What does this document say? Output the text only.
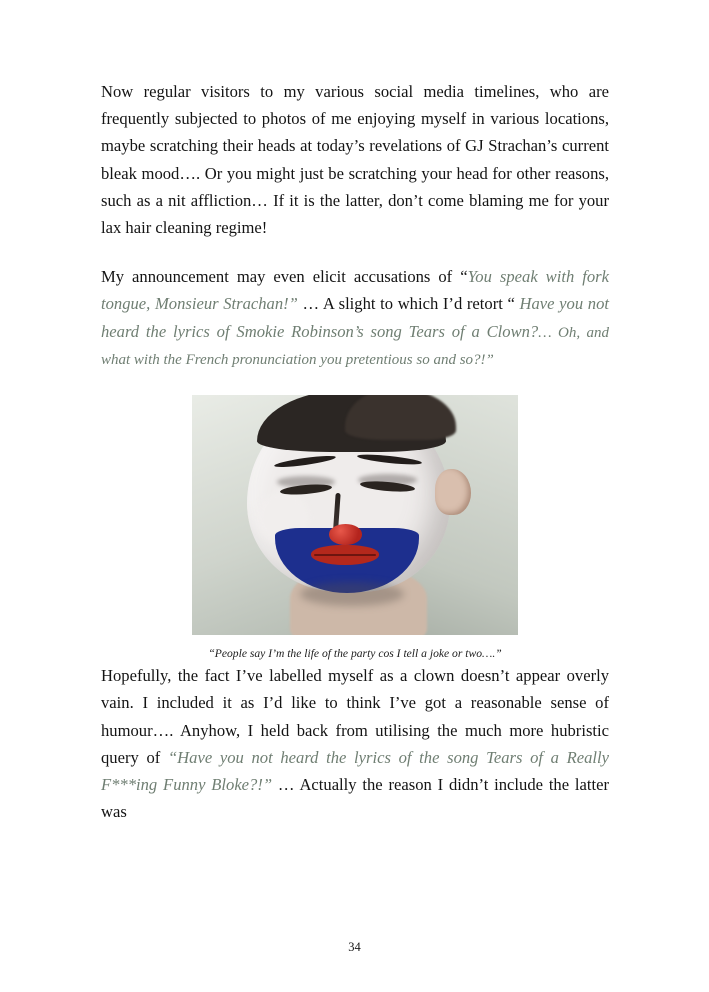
Now regular visitors to my various social media timelines, who are frequently subjected to photos of me enjoying myself in various locations, maybe scratching their heads at today’s revelations of GJ Strachan’s current bleak mood…. Or you might just be scratching your head for other reasons, such as a nit affliction… If it is the latter, don’t come blaming me for your lax hair cleaning regime!

My announcement may even elicit accusations of “You speak with fork tongue, Monsieur Strachan!” … A slight to which I’d retort “ Have you not heard the lyrics of Smokie Robinson’s song Tears of a Clown?… Oh, and what with the French pronunciation you pretentious so and so?!”

“People say I’m the life of the party cos I tell a joke or two….”

Hopefully, the fact I’ve labelled myself as a clown doesn’t appear overly vain. I included it as I’d like to think I’ve got a reasonable sense of humour…. Anyhow, I held back from utilising the much more hubristic query of “Have you not heard the lyrics of the song Tears of a Really F***ing Funny Bloke?!” … Actually the reason I didn’t include the latter was

34
